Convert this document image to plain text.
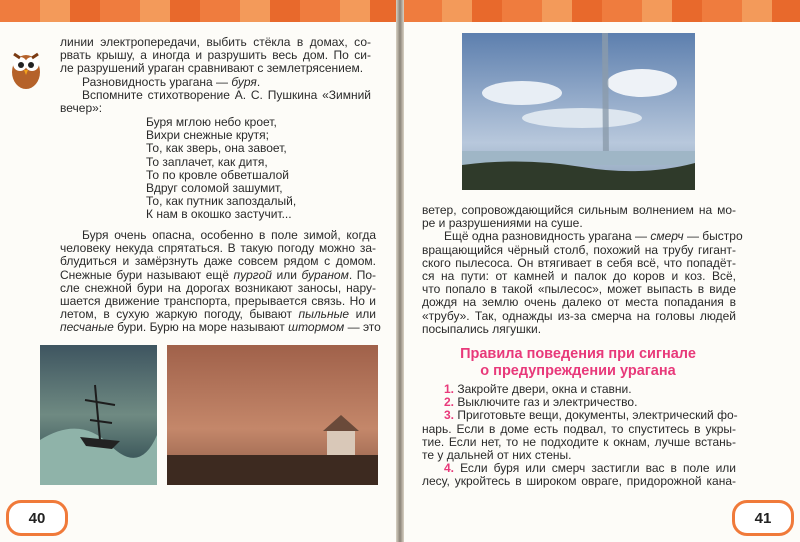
линии электропередачи, выбить стёкла в домах, со-
рвать крышу, а иногда и разрушить весь дом. По си-
ле разрушений ураган сравнивают с землетрясением.
Разновидность урагана — буря.
Вспомните стихотворение А. С. Пушкина «Зимний
вечер»:
Буря мглою небо кроет,
Вихри снежные крутя;
То, как зверь, она завоет,
То заплачет, как дитя,
То по кровле обветшалой
Вдруг соломой зашумит,
То, как путник запоздалый,
К нам в окошко застучит...
Буря очень опасна, особенно в поле зимой, когда
человеку некуда спрятаться. В такую погоду можно за-
блудиться и замёрзнуть даже совсем рядом с домом.
Снежные бури называют ещё пургой или бураном. По-
сле снежной бури на дорогах возникают заносы, нару-
шается движение транспорта, прерывается связь. Но и
летом, в сухую жаркую погоду, бывают пыльные или
песчаные бури. Бурю на море называют штормом — это
ветер, сопровождающийся сильным волнением на мо-
ре и разрушениями на суше.
Ещё одна разновидность урагана — смерч — быстро
вращающийся чёрный столб, похожий на трубу гигант-
ского пылесоса. Он втягивает в себя всё, что попадёт-
ся на пути: от камней и палок до коров и коз. Всё,
что попало в такой «пылесос», может выпасть в виде
дождя на землю очень далеко от места попадания в
«трубу». Так, однажды из-за смерча на головы людей
посыпались лягушки.
Правила поведения при сигнале
о предупреждении урагана
1. Закройте двери, окна и ставни.
2. Выключите газ и электричество.
3. Приготовьте вещи, документы, электрический фо-
нарь. Если в доме есть подвал, то спуститесь в укры-
тие. Если нет, то не подходите к окнам, лучше встань-
те у дальней от них стены.
4. Если буря или смерч застигли вас в поле или
лесу, укройтесь в широком овраге, придорожной кана-
40	41
